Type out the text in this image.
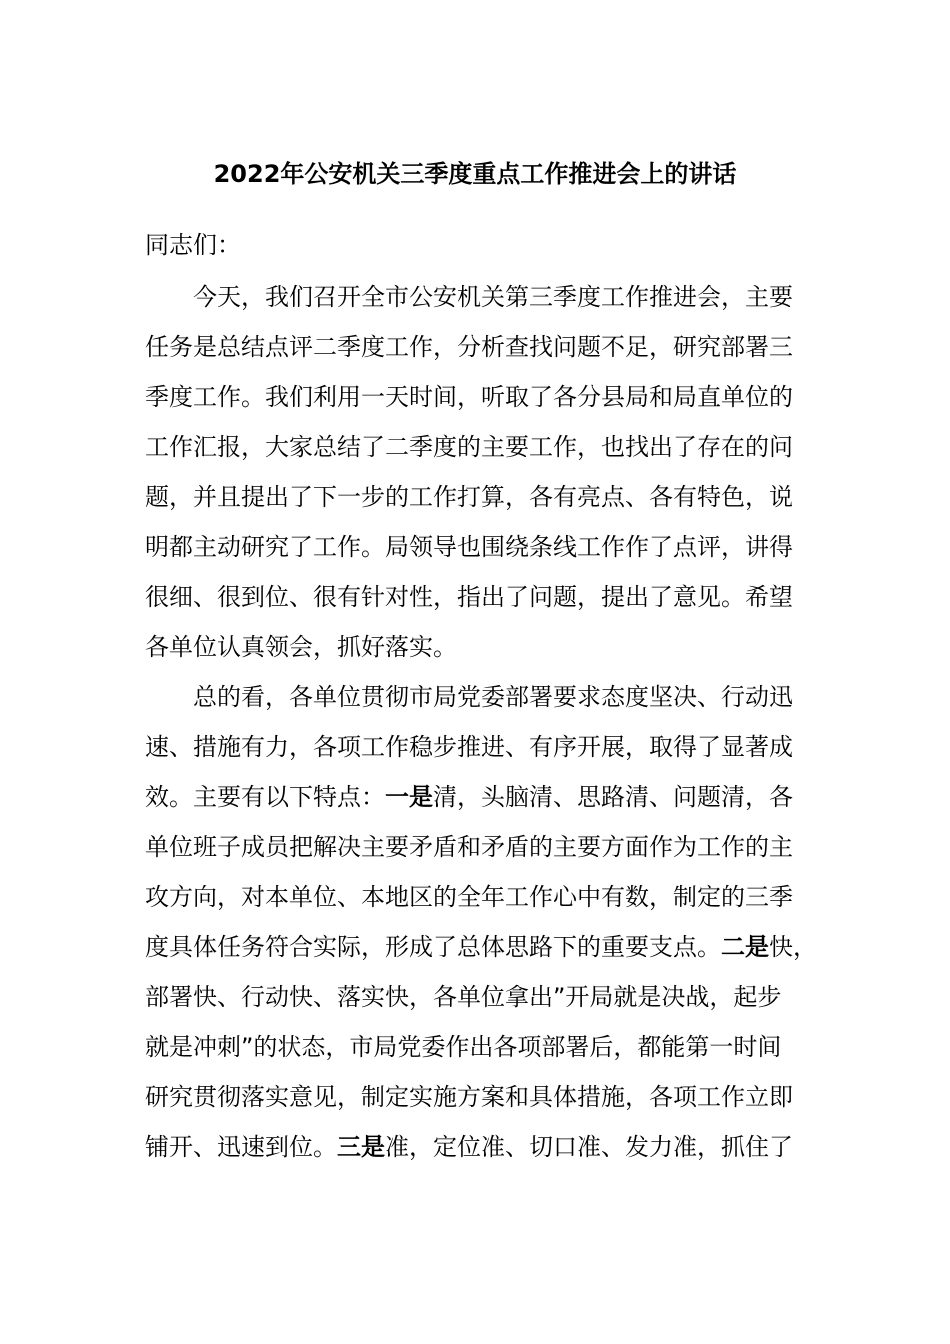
2022年公安机关三季度重点工作推进会上的讲话
同志们：
今天，我们召开全市公安机关第三季度工作推进会，主要
任务是总结点评二季度工作，分析查找问题不足，研究部署三
季度工作。我们利用一天时间，听取了各分县局和局直单位的
工作汇报，大家总结了二季度的主要工作，也找出了存在的问
题，并且提出了下一步的工作打算，各有亮点、各有特色，说
明都主动研究了工作。局领导也围绕条线工作作了点评，讲得
很细、很到位、很有针对性，指出了问题，提出了意见。希望
各单位认真领会，抓好落实。
总的看，各单位贯彻市局党委部署要求态度坚决、行动迅
速、措施有力，各项工作稳步推进、有序开展，取得了显著成
效。主要有以下特点：一是清，头脑清、思路清、问题清，各
单位班子成员把解决主要矛盾和矛盾的主要方面作为工作的主
攻方向，对本单位、本地区的全年工作心中有数，制定的三季
度具体任务符合实际，形成了总体思路下的重要支点。二是快，
部署快、行动快、落实快，各单位拿出”开局就是决战，起步
就是冲刺”的状态，市局党委作出各项部署后，都能第一时间
研究贯彻落实意见，制定实施方案和具体措施，各项工作立即
铺开、迅速到位。三是准，定位准、切口准、发力准，抓住了
